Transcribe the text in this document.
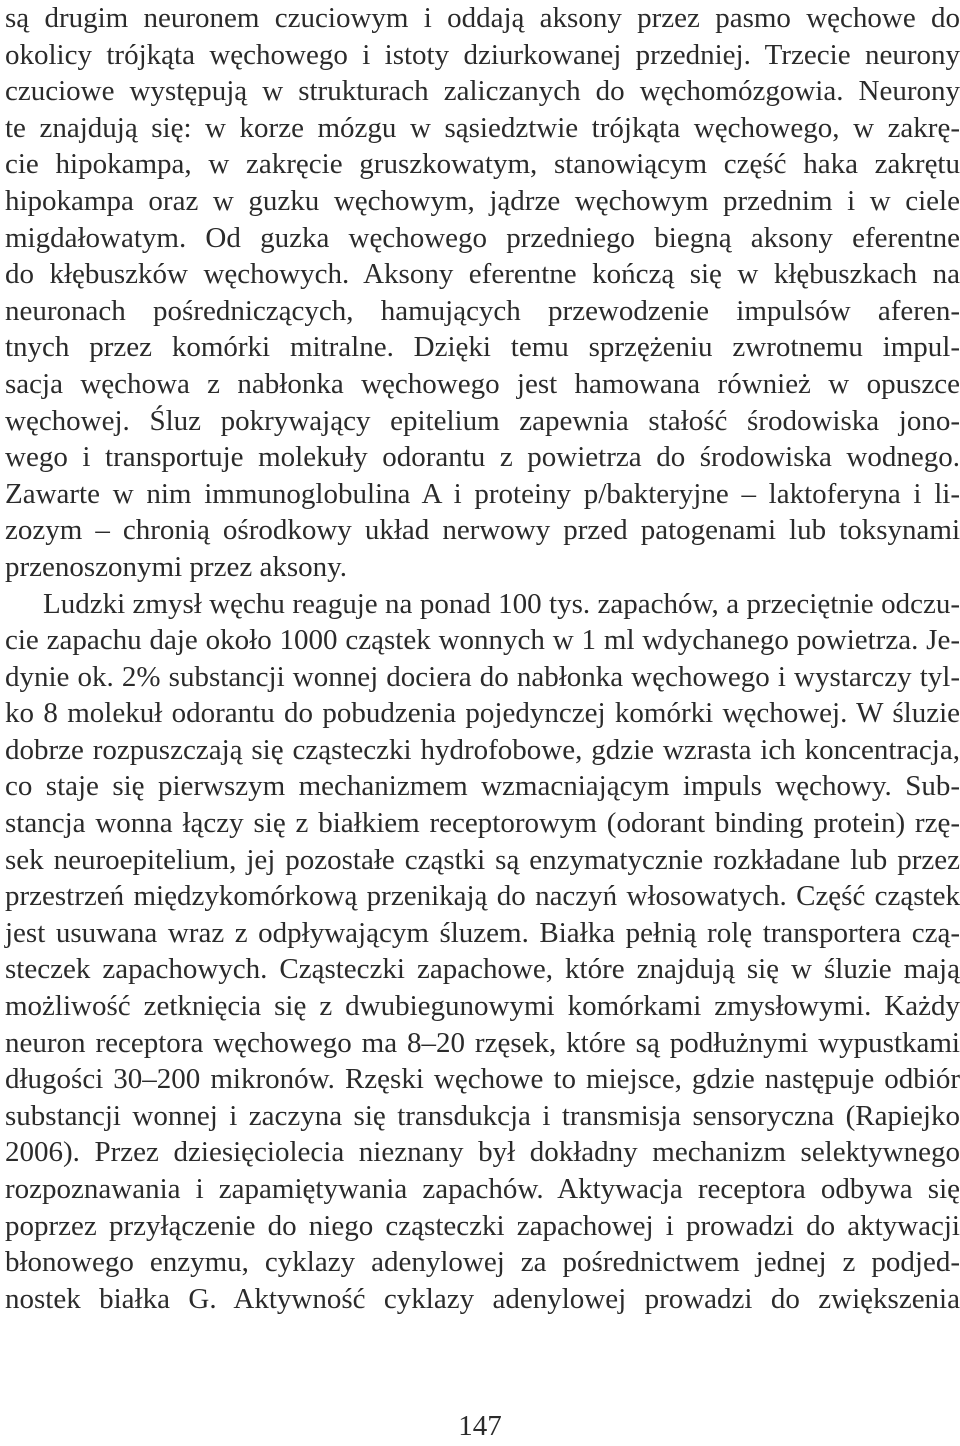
są drugim neuronem czuciowym i oddają aksony przez pasmo węchowe do
okolicy trójkąta węchowego i istoty dziurkowanej przedniej. Trzecie neurony
czuciowe występują w strukturach zaliczanych do węchomózgowia. Neurony
te znajdują się: w korze mózgu w sąsiedztwie trójkąta węchowego, w zakrę-
cie hipokampa, w zakręcie gruszkowatym, stanowiącym część haka zakrętu
hipokampa oraz w guzku węchowym, jądrze węchowym przednim i w ciele
migdałowatym. Od guzka węchowego przedniego biegną aksony eferentne
do kłębuszków węchowych. Aksony eferentne kończą się w kłębuszkach na
neuronach pośredniczących, hamujących przewodzenie impulsów aferen-
tnych przez komórki mitralne. Dzięki temu sprzężeniu zwrotnemu impul-
sacja węchowa z nabłonka węchowego jest hamowana również w opuszce
węchowej. Śluz pokrywający epitelium zapewnia stałość środowiska jono-
wego i transportuje molekuły odorantu z powietrza do środowiska wodnego.
Zawarte w nim immunoglobulina A i proteiny p/bakteryjne – laktoferyna i li-
zozym – chronią ośrodkowy układ nerwowy przed patogenami lub toksynami
przenoszonymi przez aksony.
Ludzki zmysł węchu reaguje na ponad 100 tys. zapachów, a przeciętnie odczu-
cie zapachu daje około 1000 cząstek wonnych w 1 ml wdychanego powietrza. Je-
dynie ok. 2% substancji wonnej dociera do nabłonka węchowego i wystarczy tyl-
ko 8 molekuł odorantu do pobudzenia pojedynczej komórki węchowej. W śluzie
dobrze rozpuszczają się cząsteczki hydrofobowe, gdzie wzrasta ich koncentracja,
co staje się pierwszym mechanizmem wzmacniającym impuls węchowy. Sub-
stancja wonna łączy się z białkiem receptorowym (odorant binding protein) rzę-
sek neuroepitelium, jej pozostałe cząstki są enzymatycznie rozkładane lub przez
przestrzeń międzykomórkową przenikają do naczyń włosowatych. Część cząstek
jest usuwana wraz z odpływającym śluzem. Białka pełnią rolę transportera czą-
steczek zapachowych. Cząsteczki zapachowe, które znajdują się w śluzie mają
możliwość zetknięcia się z dwubiegunowymi komórkami zmysłowymi. Każdy
neuron receptora węchowego ma 8–20 rzęsek, które są podłużnymi wypustkami
długości 30–200 mikronów. Rzęski węchowe to miejsce, gdzie następuje odbiór
substancji wonnej i zaczyna się transdukcja i transmisja sensoryczna (Rapiejko
2006). Przez dziesięciolecia nieznany był dokładny mechanizm selektywnego
rozpoznawania i zapamiętywania zapachów. Aktywacja receptora odbywa się
poprzez przyłączenie do niego cząsteczki zapachowej i prowadzi do aktywacji
błonowego enzymu, cyklazy adenylowej za pośrednictwem jednej z podjed-
nostek białka G. Aktywność cyklazy adenylowej prowadzi do zwiększenia
147
